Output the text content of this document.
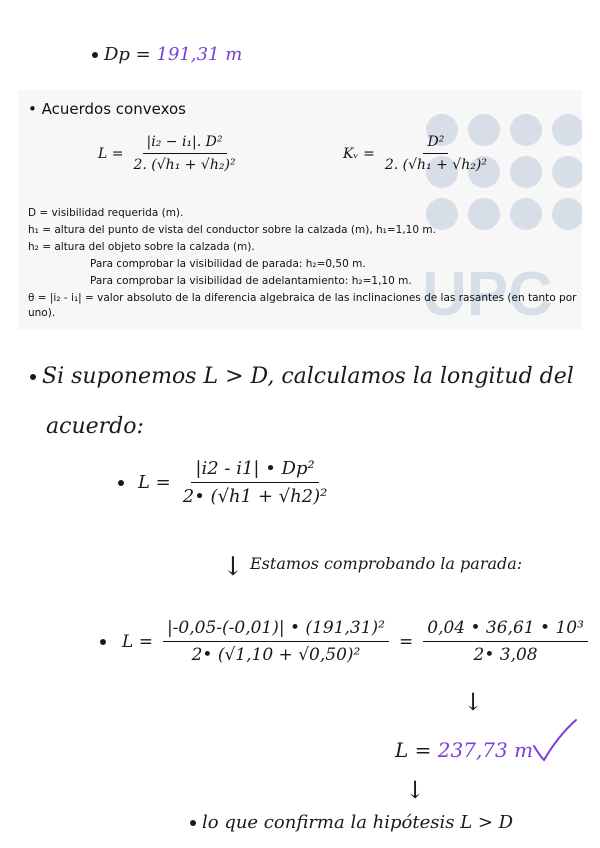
Dp = 191,31 m
UPC
• Acuerdos convexos
$L = \frac{\text{|i₂ − i₁|. D²}}{\text{2. (√h₁ + √h₂)²}}$	Kᵥ = $\frac{\text{D²}}{\text{2. (√h₁ + √h₂)²}}$
D = visibilidad requerida (m).
h₁ = altura del punto de vista del conductor sobre la calzada (m), h₁=1,10 m.
h₂ = altura del objeto sobre la calzada (m).
Para comprobar la visibilidad de parada: h₂=0,50 m.
Para comprobar la visibilidad de adelantamiento: h₂=1,10 m.
θ = |i₂ - i₁| = valor absoluto de la diferencia algebraica de las inclinaciones de las rasantes (en tanto por
uno).
Si suponemos L > D, calculamos la longitud del
acuerdo:
$L = \frac{\text{|i2 - i1| • Dp²}}{\text{2• (√h1 + √h2)²}}$
↓ Estamos comprobando la parada:
$L = \frac{\text{|-0,05-(-0,01)| • (191,31)²}}{\text{2• (√1,10 + √0,50)²}} = \frac{\text{0,04 • 36,61 • 10³}}{2• 3,08}$
↓
L = 237,73 m
↓
lo que confirma la hipótesis L > D
